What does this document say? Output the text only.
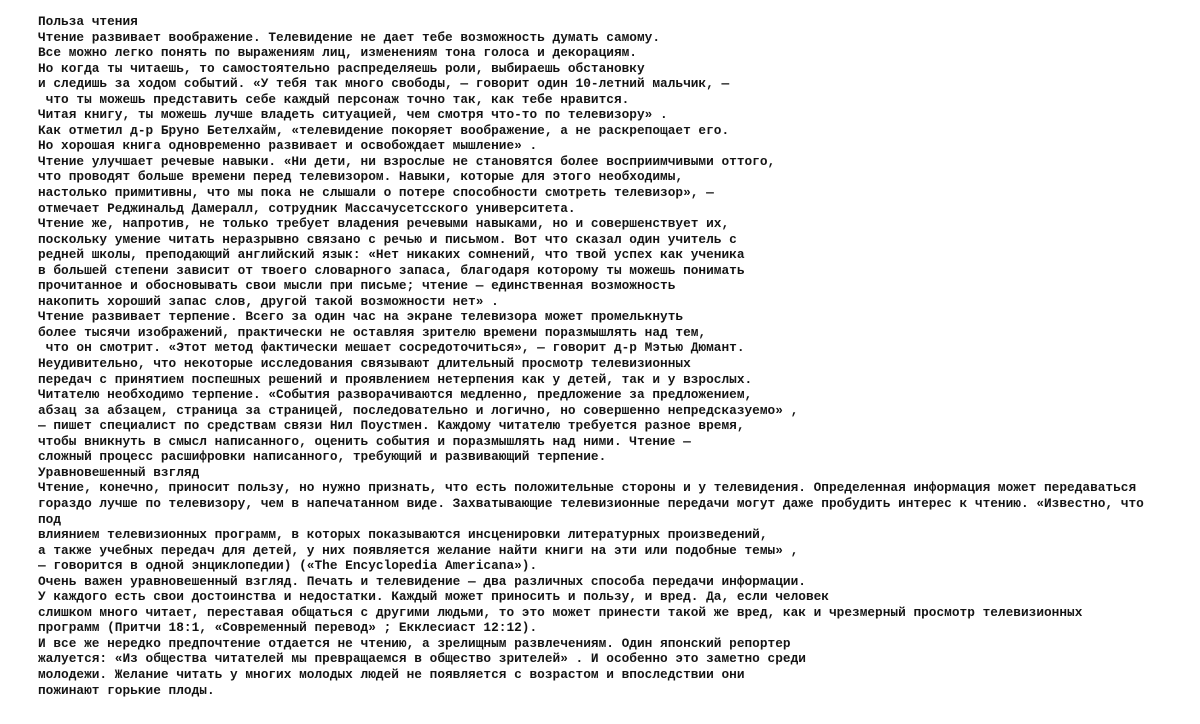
Польза чтения
Чтение развивает воображение. Телевидение не дает тебе возможность думать самому.
Все можно легко понять по выражениям лиц, изменениям тона голоса и декорациям.
Но когда ты читаешь, то самостоятельно распределяешь роли, выбираешь обстановку
и следишь за ходом событий. «У тебя так много свободы, — говорит один 10-летний мальчик, —
что ты можешь представить себе каждый персонаж точно так, как тебе нравится.
Читая книгу, ты можешь лучше владеть ситуацией, чем смотря что-то по телевизору» .
Как отметил д-р Бруно Бетелхайм, «телевидение покоряет воображение, а не раскрепощает его.
Но хорошая книга одновременно развивает и освобождает мышление» .
Чтение улучшает речевые навыки. «Ни дети, ни взрослые не становятся более восприимчивыми оттого,
что проводят больше времени перед телевизором. Навыки, которые для этого необходимы,
настолько примитивны, что мы пока не слышали о потере способности смотреть телевизор», —
отмечает Реджинальд Дамералл, сотрудник Массачусетсского университета.
Чтение же, напротив, не только требует владения речевыми навыками, но и совершенствует их,
поскольку умение читать неразрывно связано с речью и письмом. Вот что сказал один учитель с
редней школы, преподающий английский язык: «Нет никаких сомнений, что твой успех как ученика
в большей степени зависит от твоего словарного запаса, благодаря которому ты можешь понимать
прочитанное и обосновывать свои мысли при письме; чтение — единственная возможность
накопить хороший запас слов, другой такой возможности нет» .
Чтение развивает терпение. Всего за один час на экране телевизора может промелькнуть
более тысячи изображений, практически не оставляя зрителю времени поразмышлять над тем,
что он смотрит. «Этот метод фактически мешает сосредоточиться», — говорит д-р Мэтью Дюмант.
Неудивительно, что некоторые исследования связывают длительный просмотр телевизионных
передач с принятием поспешных решений и проявлением нетерпения как у детей, так и у взрослых.
Читателю необходимо терпение. «События разворачиваются медленно, предложение за предложением,
абзац за абзацем, страница за страницей, последовательно и логично, но совершенно непредсказуемо» ,
— пишет специалист по средствам связи Нил Поустмен. Каждому читателю требуется разное время,
чтобы вникнуть в смысл написанного, оценить события и поразмышлять над ними. Чтение —
сложный процесс расшифровки написанного, требующий и развивающий терпение.
Уравновешенный взгляд
Чтение, конечно, приносит пользу, но нужно признать, что есть положительные стороны и у телевидения. Определенная информация может передаваться
гораздо лучше по телевизору, чем в напечатанном виде. Захватывающие телевизионные передачи могут даже пробудить интерес к чтению. «Известно, что
под
влиянием телевизионных программ, в которых показываются инсценировки литературных произведений,
а также учебных передач для детей, у них появляется желание найти книги на эти или подобные темы» ,
— говорится в одной энциклопедии) («The Encyclopedia Americana»).
Очень важен уравновешенный взгляд. Печать и телевидение — два различных способа передачи информации.
У каждого есть свои достоинства и недостатки. Каждый может приносить и пользу, и вред. Да, если человек
слишком много читает, переставая общаться с другими людьми, то это может принести такой же вред, как и чрезмерный просмотр телевизионных
программ (Притчи 18:1, «Современный перевод» ; Екклесиаст 12:12).
И все же нередко предпочтение отдается не чтению, а зрелищным развлечениям. Один японский репортер
жалуется: «Из общества читателей мы превращаемся в общество зрителей» . И особенно это заметно среди
молодежи. Желание читать у многих молодых людей не появляется с возрастом и впоследствии они
пожинают горькие плоды.
